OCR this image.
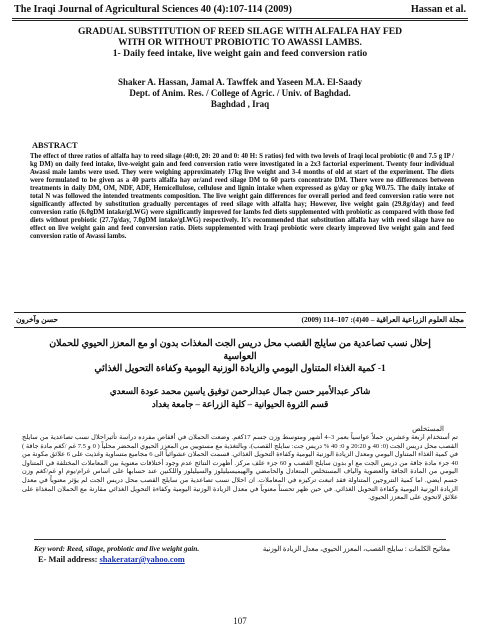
The Iraqi Journal of Agricultural Sciences 40 (4):107-114 (2009)	Hassan et al.
GRADUAL SUBSTITUTION OF REED SILAGE WITH ALFALFA HAY FED
WITH OR WITHOUT PROBIOTIC TO AWASSI LAMBS.
1- Daily feed intake, live weight gain and feed conversion ratio
Shaker A. Hassan, Jamal A. Tawffek and Yaseen M.A. El-Saady
Dept. of Anim. Res. / College of Agric. / Univ. of Baghdad.
Baghdad , Iraq
ABSTRACT
The effect of three ratios of alfalfa hay to reed silage (40:0, 20: 20 and 0: 40 H: S ratios) fed with two levels of Iraqi local probiotic (0 and 7.5 g IP / kg DM) on daily feed intake, live-weight gain and feed conversion ratio were investigated in a 2x3 factorial experiment. Twenty four individual Awassi male lambs were used. They were weighing approximately 17kg live weight and 3-4 months of old at start of the experiment. The diets were formulated to be given as a 40 parts alfalfa hay or/and reed silage DM to 60 parts concentrate DM. There were no differences between treatments in daily DM, OM, NDF, ADF, Hemicellulose, cellulose and lignin intake when expressed as g/day or g/kg W0.75. The daily intake of total N was followed the intended treatments composition. The live weight gain differences for overall period and feed conversion ratio were not significantly affected by substitution gradually percentages of reed silage with alfalfa hay; However, live weight gain (29.8g/day) and feed conversion ratio (6.0gDM intake/gLWG) were significantly improved for lambs fed diets supplemented with probiotic as compared with those fed diets without probiotic (27.7g/day, 7.0gDM intake/gLWG) respectively. It's recommended that substitution alfalfa hay with reed silage have no effect on live weight gain and feed conversion ratio. Diets supplemented with Iraqi probiotic were clearly improved live weight gain and feed conversion ratio of Awassi lambs.
مجلة العلوم الزراعية العراقية – 40(4): 107–114 (2009)
حسن وآخرون
إحلال نسب تصاعدية من سايلج القصب محل دريس الجت المغذات بدون او مع المعزز الحيوي للحملان
العواسية
1- كمية الغذاء المتناول اليومي والزيادة الوزنية اليومية وكفاءة التحويل الغذائي
شاكر عبدالأمير حسن جمال عبدالرحمن توفيق ياسين محمد عودة السعدي
قسم الثروة الحيوانية – كلية الزراعة – جامعة بغداد
المستخلص
تم أستخدام اربعة وعشرين حملاً عواسياً بعمر 3–4 أشهر ومتوسط وزن جسم 17كغم. وضعت الحملان في أقفاص مفرده دراسة تأثيراحلال نسب تصاعدية من سايلج القصب محل دريس الجت (0: 40 و 20:20 و 0: 40 % دريس جت: سايلج القصب)، وبالتغذية مع مستويين من المعزز الحيوي المحضر محلياً ( 0 و 7.5 غم /كغم مادة جافة ) في كمية الغذاء المتناول اليومي ومعدل الزيادة الوزنية اليومية وكفاءة التحويل الغذائي. قسمت الحملان عشوائياً الى 6 مجاميع متساوية وغذيت على 6 علائق مكونة من 40 جزء مادة جافة من دريس الجت مع او بدون سايلج القصب و 60 جزء علف مركز. أظهرت النتائج عدم وجود أختلافات معنوية بين المعاملات المختلفة في المتناول اليومي من المادة الجافة والعضوية والياف المستخلص المتعادل والحامضي والهيميسيليلوز والسيليلوز واللكنين عند حسابها على اساس غرام/يوم او غم/كغم وزن جسم ايضي. اما كمية النتروجين المتناولة فقد اتبعت تركيزه في المعاملات. ان احلال نسب تصاعدية من سايلج القصب محل دريس الجت لم يؤثر معنوياً في معدل الزيادة الوزنية اليومية وكفاءة التحويل الغذائي. في حين ظهر تحسناً معنوياً في معدل الزيادة الوزنية اليومية وكفاءة التحويل الغذائي مقارنة مع الحملان المغذاة على علائق لاتحوي على المعزز الحيوي.
Key word: Reed, silage, probiotic and live weight gain.	مفاتيح الكلمات : سايلج القصب، المعزز الحيوي، معدل الزيادة الوزنية
E- Mail address: shakeratar@yahoo.com
107
